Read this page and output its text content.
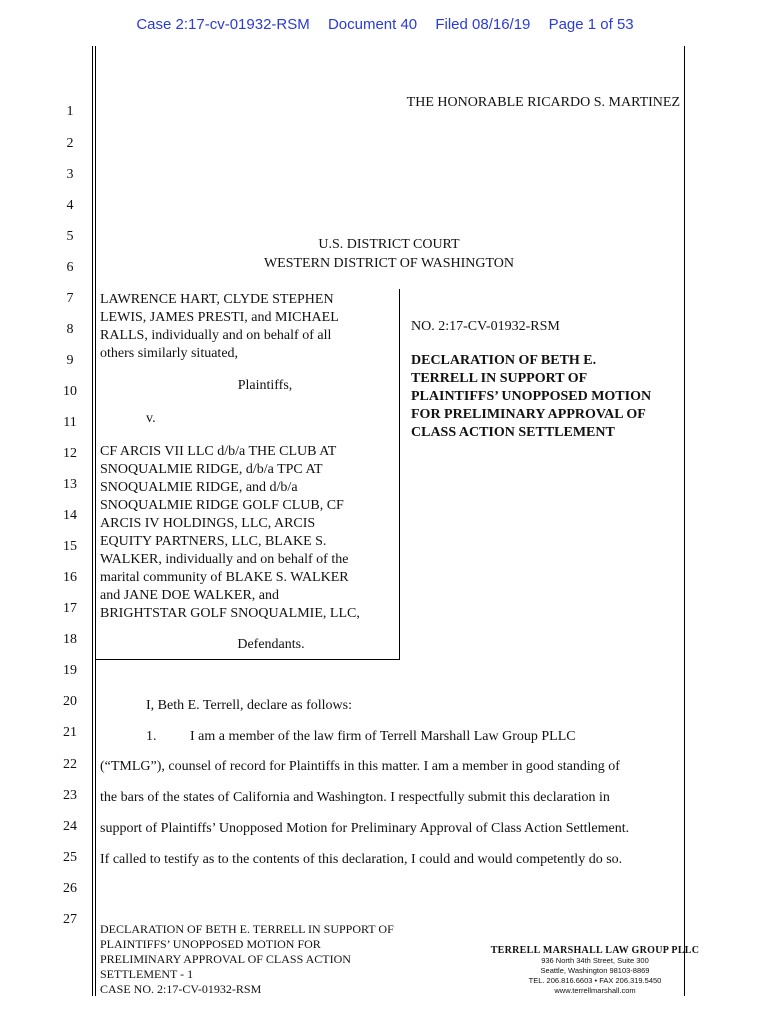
Case 2:17-cv-01932-RSM Document 40 Filed 08/16/19 Page 1 of 53
1
2
3
4
5
6
7
8
9
10
11
12
13
14
15
16
17
18
19
20
21
22
23
24
25
26
27
THE HONORABLE RICARDO S. MARTINEZ
U.S. DISTRICT COURT
WESTERN DISTRICT OF WASHINGTON
LAWRENCE HART, CLYDE STEPHEN
LEWIS, JAMES PRESTI, and MICHAEL
RALLS, individually and on behalf of all
others similarly situated,
Plaintiffs,
v.
CF ARCIS VII LLC d/b/a THE CLUB AT
SNOQUALMIE RIDGE, d/b/a TPC AT
SNOQUALMIE RIDGE, and d/b/a
SNOQUALMIE RIDGE GOLF CLUB, CF
ARCIS IV HOLDINGS, LLC, ARCIS
EQUITY PARTNERS, LLC, BLAKE S.
WALKER, individually and on behalf of the
marital community of BLAKE S. WALKER
and JANE DOE WALKER, and
BRIGHTSTAR GOLF SNOQUALMIE, LLC,
Defendants.
NO. 2:17-CV-01932-RSM
DECLARATION OF BETH E.
TERRELL IN SUPPORT OF
PLAINTIFFS’ UNOPPOSED MOTION
FOR PRELIMINARY APPROVAL OF
CLASS ACTION SETTLEMENT
I, Beth E. Terrell, declare as follows:
1. I am a member of the law firm of Terrell Marshall Law Group PLLC
(“TMLG”), counsel of record for Plaintiffs in this matter. I am a member in good standing of
the bars of the states of California and Washington. I respectfully submit this declaration in
support of Plaintiffs’ Unopposed Motion for Preliminary Approval of Class Action Settlement.
If called to testify as to the contents of this declaration, I could and would competently do so.
DECLARATION OF BETH E. TERRELL IN SUPPORT OF
PLAINTIFFS’ UNOPPOSED MOTION FOR
PRELIMINARY APPROVAL OF CLASS ACTION
SETTLEMENT - 1
CASE NO. 2:17-CV-01932-RSM
TERRELL MARSHALL LAW GROUP PLLC
936 North 34th Street, Suite 300
Seattle, Washington 98103-8869
TEL. 206.816.6603 • FAX 206.319.5450
www.terrellmarshall.com
